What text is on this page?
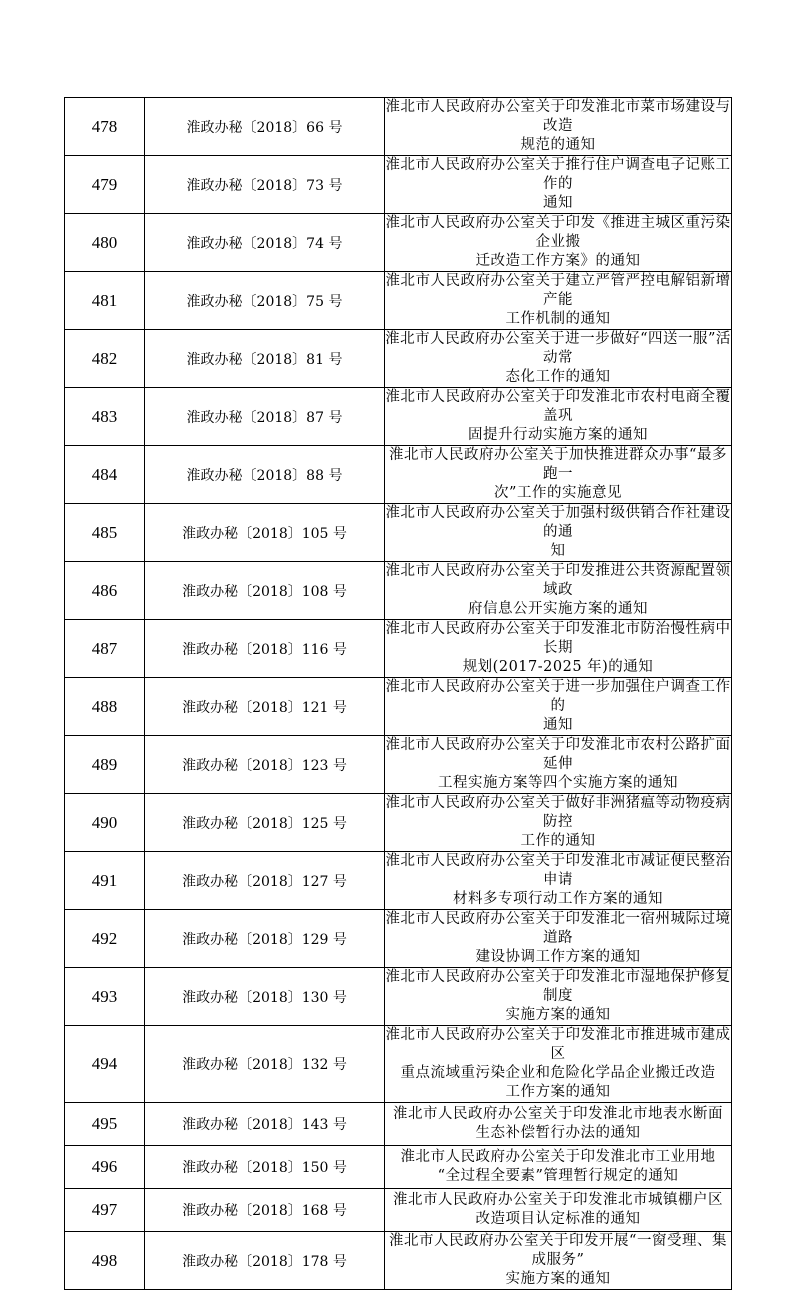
478	淮政办秘〔2018〕66 号	淮北市人民政府办公室关于印发淮北市菜市场建设与改造
规范的通知

479	淮政办秘〔2018〕73 号	淮北市人民政府办公室关于推行住户调查电子记账工作的
通知

480	淮政办秘〔2018〕74 号	淮北市人民政府办公室关于印发《推进主城区重污染企业搬
迁改造工作方案》的通知

481	淮政办秘〔2018〕75 号	淮北市人民政府办公室关于建立严管严控电解铝新增产能
工作机制的通知

482	淮政办秘〔2018〕81 号	淮北市人民政府办公室关于进一步做好“四送一服”活动常
态化工作的通知

483	淮政办秘〔2018〕87 号	淮北市人民政府办公室关于印发淮北市农村电商全覆盖巩
固提升行动实施方案的通知

484	淮政办秘〔2018〕88 号	淮北市人民政府办公室关于加快推进群众办事“最多跑一
次”工作的实施意见

485	淮政办秘〔2018〕105 号	淮北市人民政府办公室关于加强村级供销合作社建设的通
知

486	淮政办秘〔2018〕108 号	淮北市人民政府办公室关于印发推进公共资源配置领域政
府信息公开实施方案的通知

487	淮政办秘〔2018〕116 号	淮北市人民政府办公室关于印发淮北市防治慢性病中长期
规划(2017-2025 年)的通知

488	淮政办秘〔2018〕121 号	淮北市人民政府办公室关于进一步加强住户调查工作的
通知

489	淮政办秘〔2018〕123 号	淮北市人民政府办公室关于印发淮北市农村公路扩面延伸
工程实施方案等四个实施方案的通知

490	淮政办秘〔2018〕125 号	淮北市人民政府办公室关于做好非洲猪瘟等动物疫病防控
工作的通知

491	淮政办秘〔2018〕127 号	淮北市人民政府办公室关于印发淮北市减证便民整治申请
材料多专项行动工作方案的通知

492	淮政办秘〔2018〕129 号	淮北市人民政府办公室关于印发淮北一宿州城际过境道路
建设协调工作方案的通知

493	淮政办秘〔2018〕130 号	淮北市人民政府办公室关于印发淮北市湿地保护修复制度
实施方案的通知

494	淮政办秘〔2018〕132 号	淮北市人民政府办公室关于印发淮北市推进城市建成区
重点流域重污染企业和危险化学品企业搬迁改造
工作方案的通知

495	淮政办秘〔2018〕143 号	淮北市人民政府办公室关于印发淮北市地表水断面
生态补偿暂行办法的通知

496	淮政办秘〔2018〕150 号	淮北市人民政府办公室关于印发淮北市工业用地
“全过程全要素”管理暂行规定的通知

497	淮政办秘〔2018〕168 号	淮北市人民政府办公室关于印发淮北市城镇棚户区
改造项目认定标准的通知

498	淮政办秘〔2018〕178 号	淮北市人民政府办公室关于印发开展“一窗受理、集成服务”
实施方案的通知
